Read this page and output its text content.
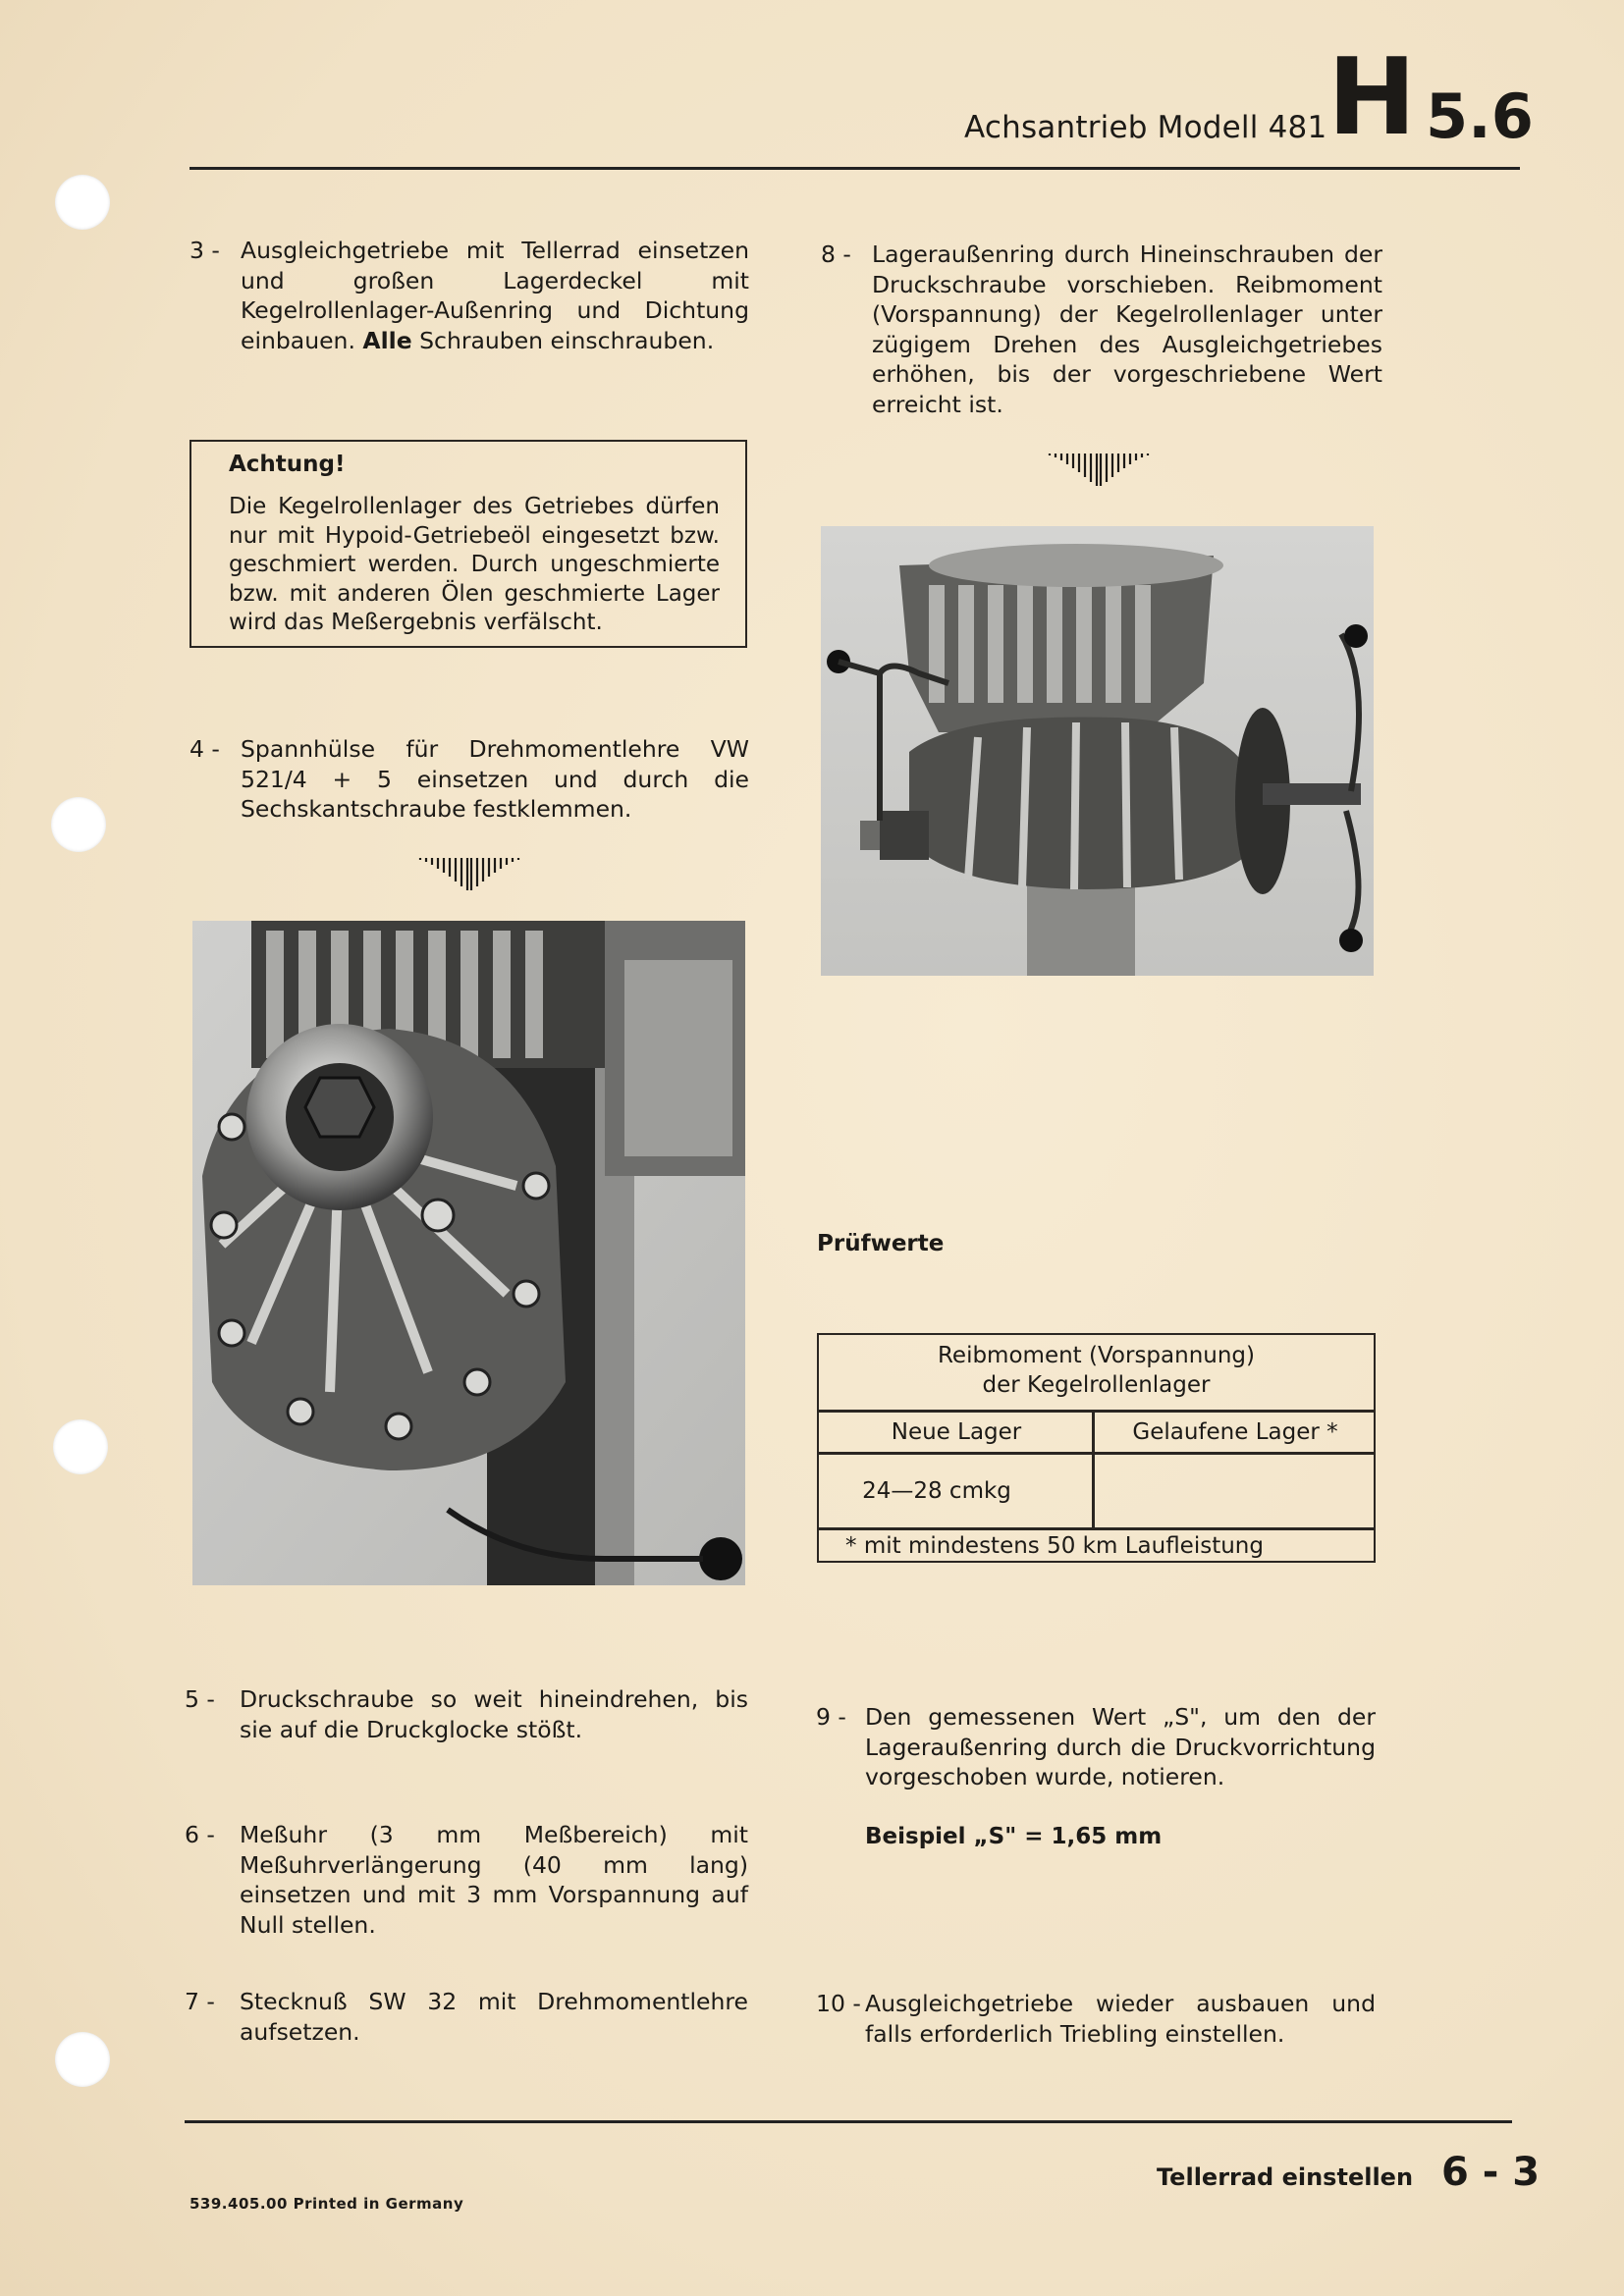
Achsantrieb Modell 481 H 5.6
3 - Ausgleichgetriebe mit Tellerrad einsetzen und großen Lagerdeckel mit Kegelrollenlager-Außenring und Dichtung einbauen. Alle Schrauben einschrauben.
Achtung!
Die Kegelrollenlager des Getriebes dürfen nur mit Hypoid-Getriebeöl eingesetzt bzw. geschmiert werden. Durch ungeschmierte bzw. mit anderen Ölen geschmierte Lager wird das Meßergebnis verfälscht.
4 - Spannhülse für Drehmomentlehre VW 521/4 + 5 einsetzen und durch die Sechskantschraube festklemmen.
5 - Druckschraube so weit hineindrehen, bis sie auf die Druckglocke stößt.
6 - Meßuhr (3 mm Meßbereich) mit Meßuhrverlängerung (40 mm lang) einsetzen und mit 3 mm Vorspannung auf Null stellen.
7 - Stecknuß SW 32 mit Drehmomentlehre aufsetzen.
8 - Lageraußenring durch Hineinschrauben der Druckschraube vorschieben. Reibmoment (Vorspannung) der Kegelrollenlager unter zügigem Drehen des Ausgleichgetriebes erhöhen, bis der vorgeschriebene Wert erreicht ist.
Prüfwerte
Reibmoment (Vorspannung)
der Kegelrollenlager
Neue Lager	Gelaufene Lager *
24—28 cmkg
* mit mindestens 50 km Laufleistung
9 - Den gemessenen Wert „S", um den der Lageraußenring durch die Druckvorrichtung vorgeschoben wurde, notieren.
Beispiel „S" = 1,65 mm
10 - Ausgleichgetriebe wieder ausbauen und falls erforderlich Triebling einstellen.
Tellerrad einstellen 6 - 3
539.405.00 Printed in Germany
